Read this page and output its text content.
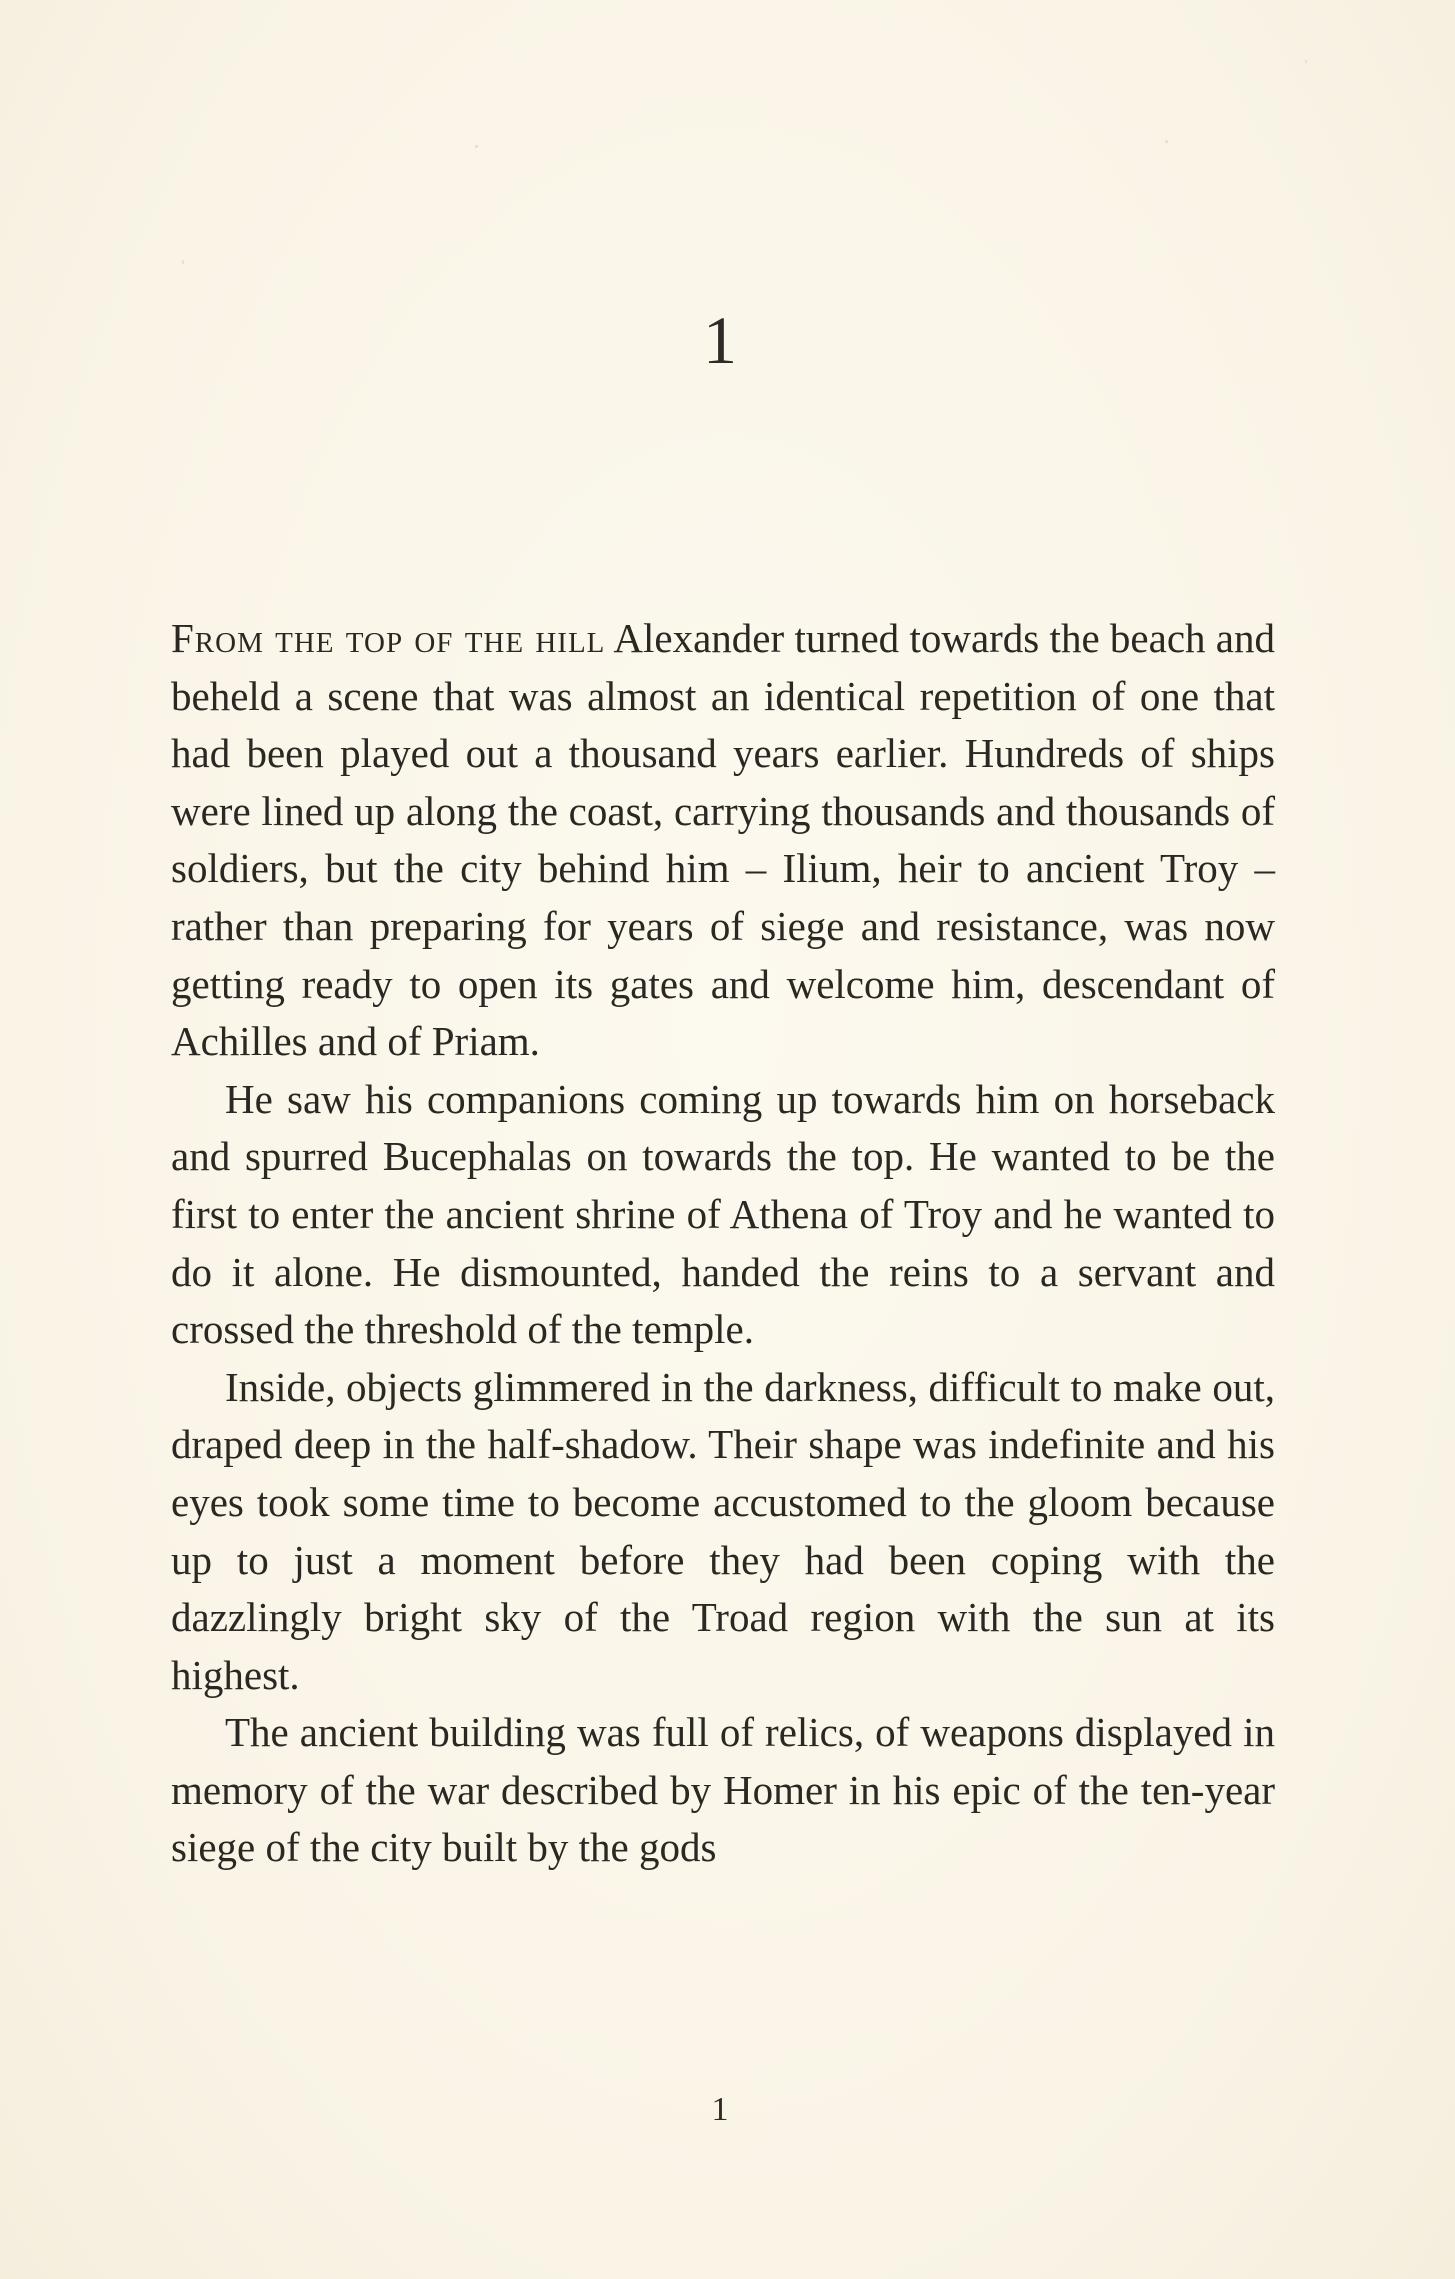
1

From the top of the hill Alexander turned towards the beach and beheld a scene that was almost an identical repetition of one that had been played out a thousand years earlier. Hundreds of ships were lined up along the coast, carrying thousands and thousands of soldiers, but the city behind him – Ilium, heir to ancient Troy – rather than preparing for years of siege and resistance, was now getting ready to open its gates and welcome him, descendant of Achilles and of Priam.

He saw his companions coming up towards him on horseback and spurred Bucephalas on towards the top. He wanted to be the first to enter the ancient shrine of Athena of Troy and he wanted to do it alone. He dismounted, handed the reins to a servant and crossed the threshold of the temple.

Inside, objects glimmered in the darkness, difficult to make out, draped deep in the half-shadow. Their shape was indefinite and his eyes took some time to become accustomed to the gloom because up to just a moment before they had been coping with the dazzlingly bright sky of the Troad region with the sun at its highest.

The ancient building was full of relics, of weapons displayed in memory of the war described by Homer in his epic of the ten-year siege of the city built by the gods

1
